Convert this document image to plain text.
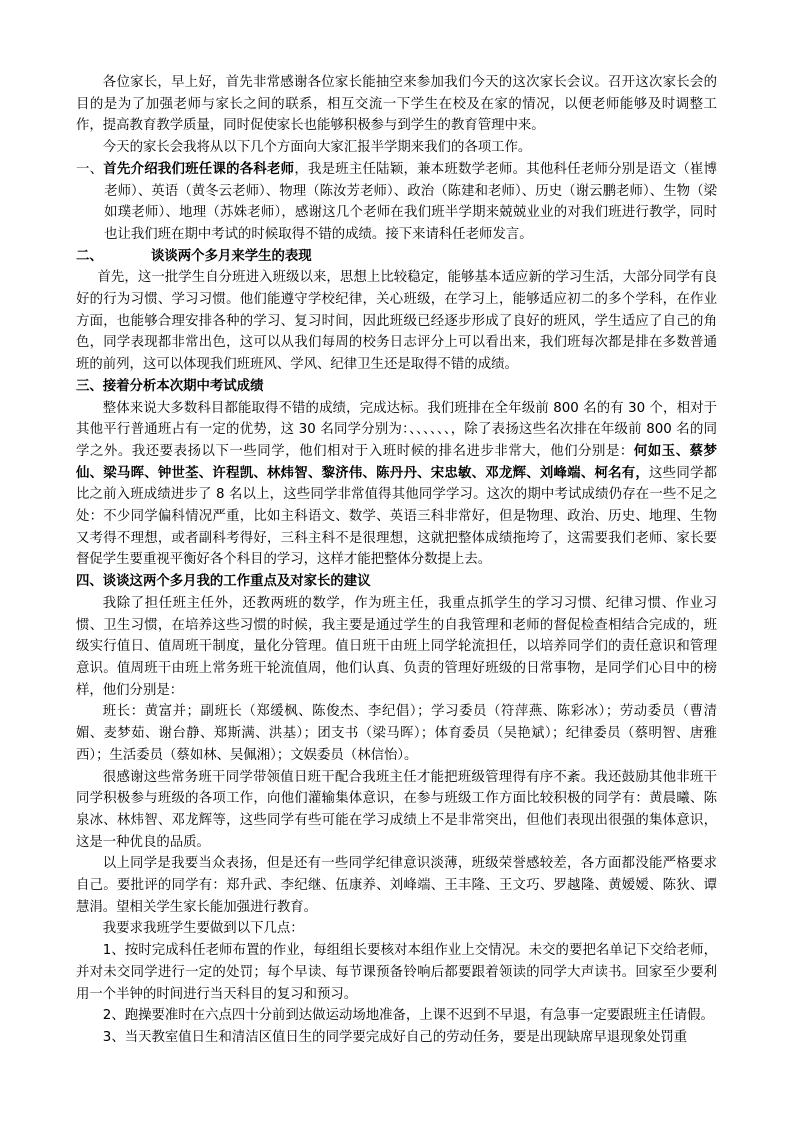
各位家长，早上好，首先非常感谢各位家长能抽空来参加我们今天的这次家长会议。召开这次家长会的目的是为了加强老师与家长之间的联系，相互交流一下学生在校及在家的情况，以便老师能够及时调整工作，提高教育教学质量，同时促使家长也能够积极参与到学生的教育管理中来。

今天的家长会我将从以下几个方面向大家汇报半学期来我们的各项工作。

一、首先介绍我们班任课的各科老师，我是班主任陆颖，兼本班数学老师。其他科任老师分别是语文（崔博老师）、英语（黄冬云老师）、物理（陈汝芳老师）、政治（陈建和老师）、历史（谢云鹏老师）、生物（梁如璞老师）、地理（苏姝老师），感谢这几个老师在我们班半学期来兢兢业业的对我们班进行教学，同时也让我们班在期中考试的时候取得不错的成绩。接下来请科任老师发言。

二、	谈谈两个多月来学生的表现

首先，这一批学生自分班进入班级以来，思想上比较稳定，能够基本适应新的学习生活，大部分同学有良好的行为习惯、学习习惯。他们能遵守学校纪律，关心班级，在学习上，能够适应初二的多个学科，在作业方面，也能够合理安排各种的学习、复习时间，因此班级已经逐步形成了良好的班风，学生适应了自己的角色，同学表现都非常出色，这可以从我们每周的校务日志评分上可以看出来，我们班每次都是排在多数普通班的前列，这可以体现我们班班风、学风、纪律卫生还是取得不错的成绩。

三、接着分析本次期中考试成绩

整体来说大多数科目都能取得不错的成绩，完成达标。我们班排在全年级前 800 名的有 30 个，相对于其他平行普通班占有一定的优势，这 30 名同学分别为：、、、、、、，除了表扬这些名次排在年级前 800 名的同学之外。我还要表扬以下一些同学，他们相对于入班时候的排名进步非常大，他们分别是：何如玉、蔡梦仙、梁马晖、钟世荃、许程凯、林炜智、黎济伟、陈丹丹、宋忠敏、邓龙辉、刘峰端、柯名有，这些同学都比之前入班成绩进步了 8 名以上，这些同学非常值得其他同学学习。这次的期中考试成绩仍存在一些不足之处：不少同学偏科情况严重，比如主科语文、数学、英语三科非常好，但是物理、政治、历史、地理、生物又考得不理想，或者副科考得好，三科主科不是很理想，这就把整体成绩拖垮了，这需要我们老师、家长要督促学生要重视平衡好各个科目的学习，这样才能把整体分数提上去。

四、谈谈这两个多月我的工作重点及对家长的建议

我除了担任班主任外，还教两班的数学，作为班主任，我重点抓学生的学习习惯、纪律习惯、作业习惯、卫生习惯，在培养这些习惯的时候，我主要是通过学生的自我管理和老师的督促检查相结合完成的，班级实行值日、值周班干制度，量化分管理。值日班干由班上同学轮流担任，以培养同学们的责任意识和管理意识。值周班干由班上常务班干轮流值周，他们认真、负责的管理好班级的日常事物，是同学们心目中的榜样，他们分别是：

班长：黄富并；副班长（郑缓枫、陈俊杰、李纪倡）；学习委员（符萍燕、陈彩冰）；劳动委员（曹清媚、麦梦茹、谢台静、郑斯满、洪基）；团支书（梁马晖）；体育委员（吴艳斌）；纪律委员（蔡明智、唐雅西）；生活委员（蔡如林、吴佩湘）；文娱委员（林信怡）。

很感谢这些常务班干同学带领值日班干配合我班主任才能把班级管理得有序不紊。我还鼓励其他非班干同学积极参与班级的各项工作，向他们灌输集体意识，在参与班级工作方面比较积极的同学有：黄晨曦、陈泉冰、林炜智、邓龙辉等，这些同学有些可能在学习成绩上不是非常突出，但他们表现出很强的集体意识，这是一种优良的品质。

以上同学是我要当众表扬，但是还有一些同学纪律意识淡薄，班级荣誉感较差，各方面都没能严格要求自己。要批评的同学有：郑升武、李纪继、伍康养、刘峰端、王丰隆、王文巧、罗越隆、黄嫒嫒、陈狄、谭慧涓。望相关学生家长能加强进行教育。

我要求我班学生要做到以下几点：

1、按时完成科任老师布置的作业，每组组长要核对本组作业上交情况。未交的要把名单记下交给老师，并对未交同学进行一定的处罚；每个早读、每节课预备铃响后都要跟着领读的同学大声读书。回家至少要利用一个半钟的时间进行当天科目的复习和预习。

2、跑操要准时在六点四十分前到达做运动场地准备，上课不迟到不早退，有急事一定要跟班主任请假。

3、当天教室值日生和清洁区值日生的同学要完成好自己的劳动任务，要是出现缺席早退现象处罚重
